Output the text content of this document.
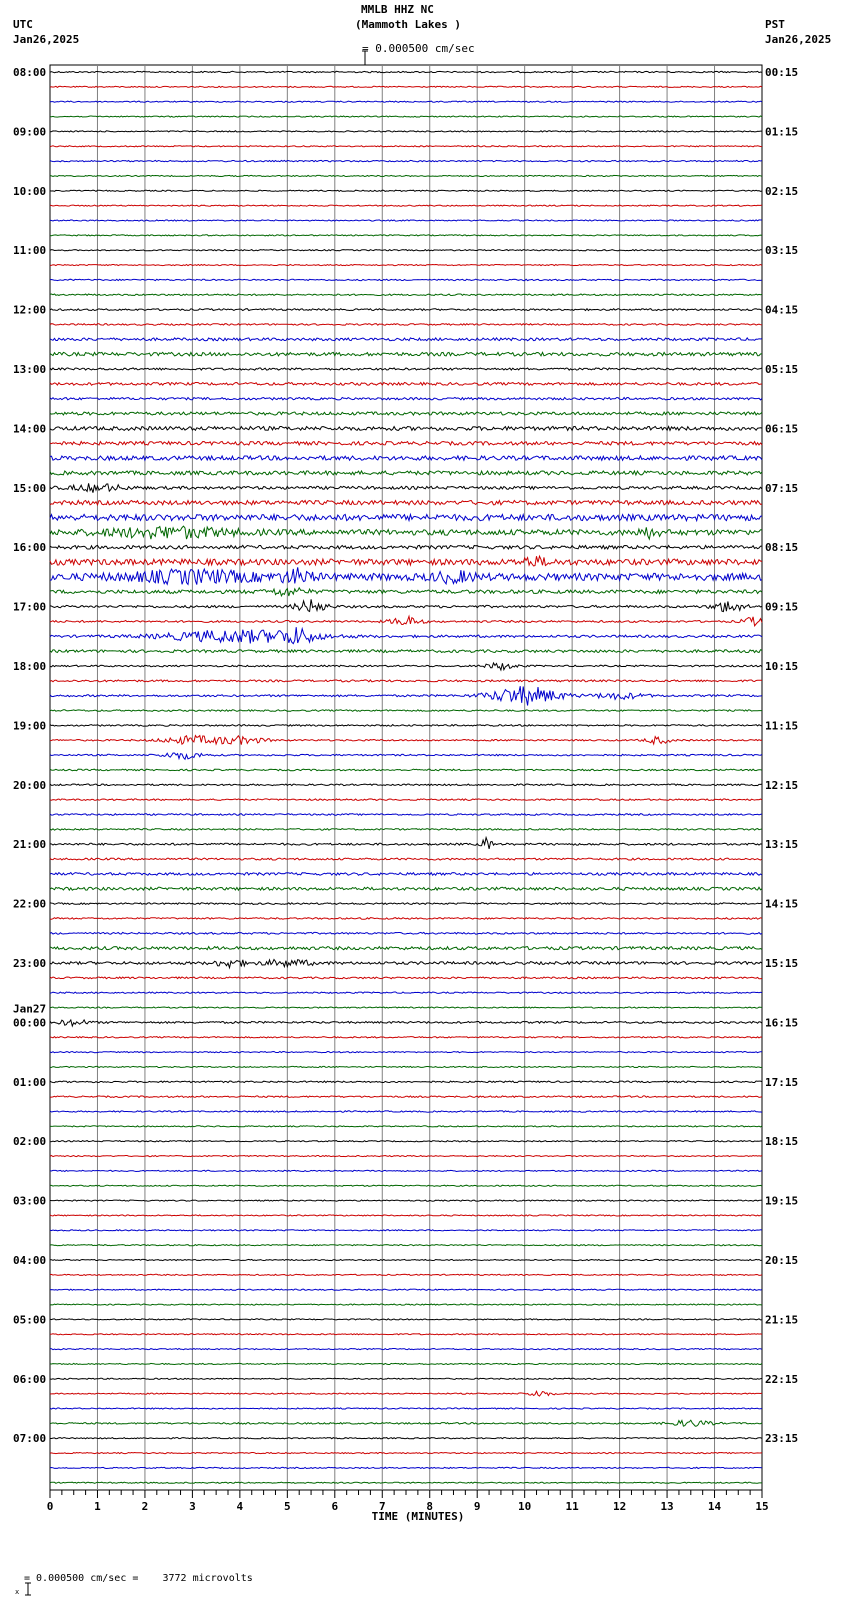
MMLB HHZ NC
(Mammoth Lakes )

= 0.000500 cm/sec
UTC
Jan26,2025
PST
Jan26,2025
08:00	00:15
09:00	01:15
10:00	02:15
11:00	03:15
12:00	04:15
13:00	05:15
14:00	06:15
15:00	07:15
16:00	08:15
17:00	09:15
18:00	10:15
19:00	11:15
20:00	12:15
21:00	13:15
22:00	14:15
23:00	15:15
00:00	16:15
01:00	17:15
02:00	18:15
03:00	19:15
04:00	20:15
05:00	21:15
06:00	22:15
07:00	23:15
Jan27
0	1	2	3	4	5	6	7	8	9	10	11	12	13	14	15
TIME (MINUTES)

x

= 0.000500 cm/sec =    3772 microvolts
